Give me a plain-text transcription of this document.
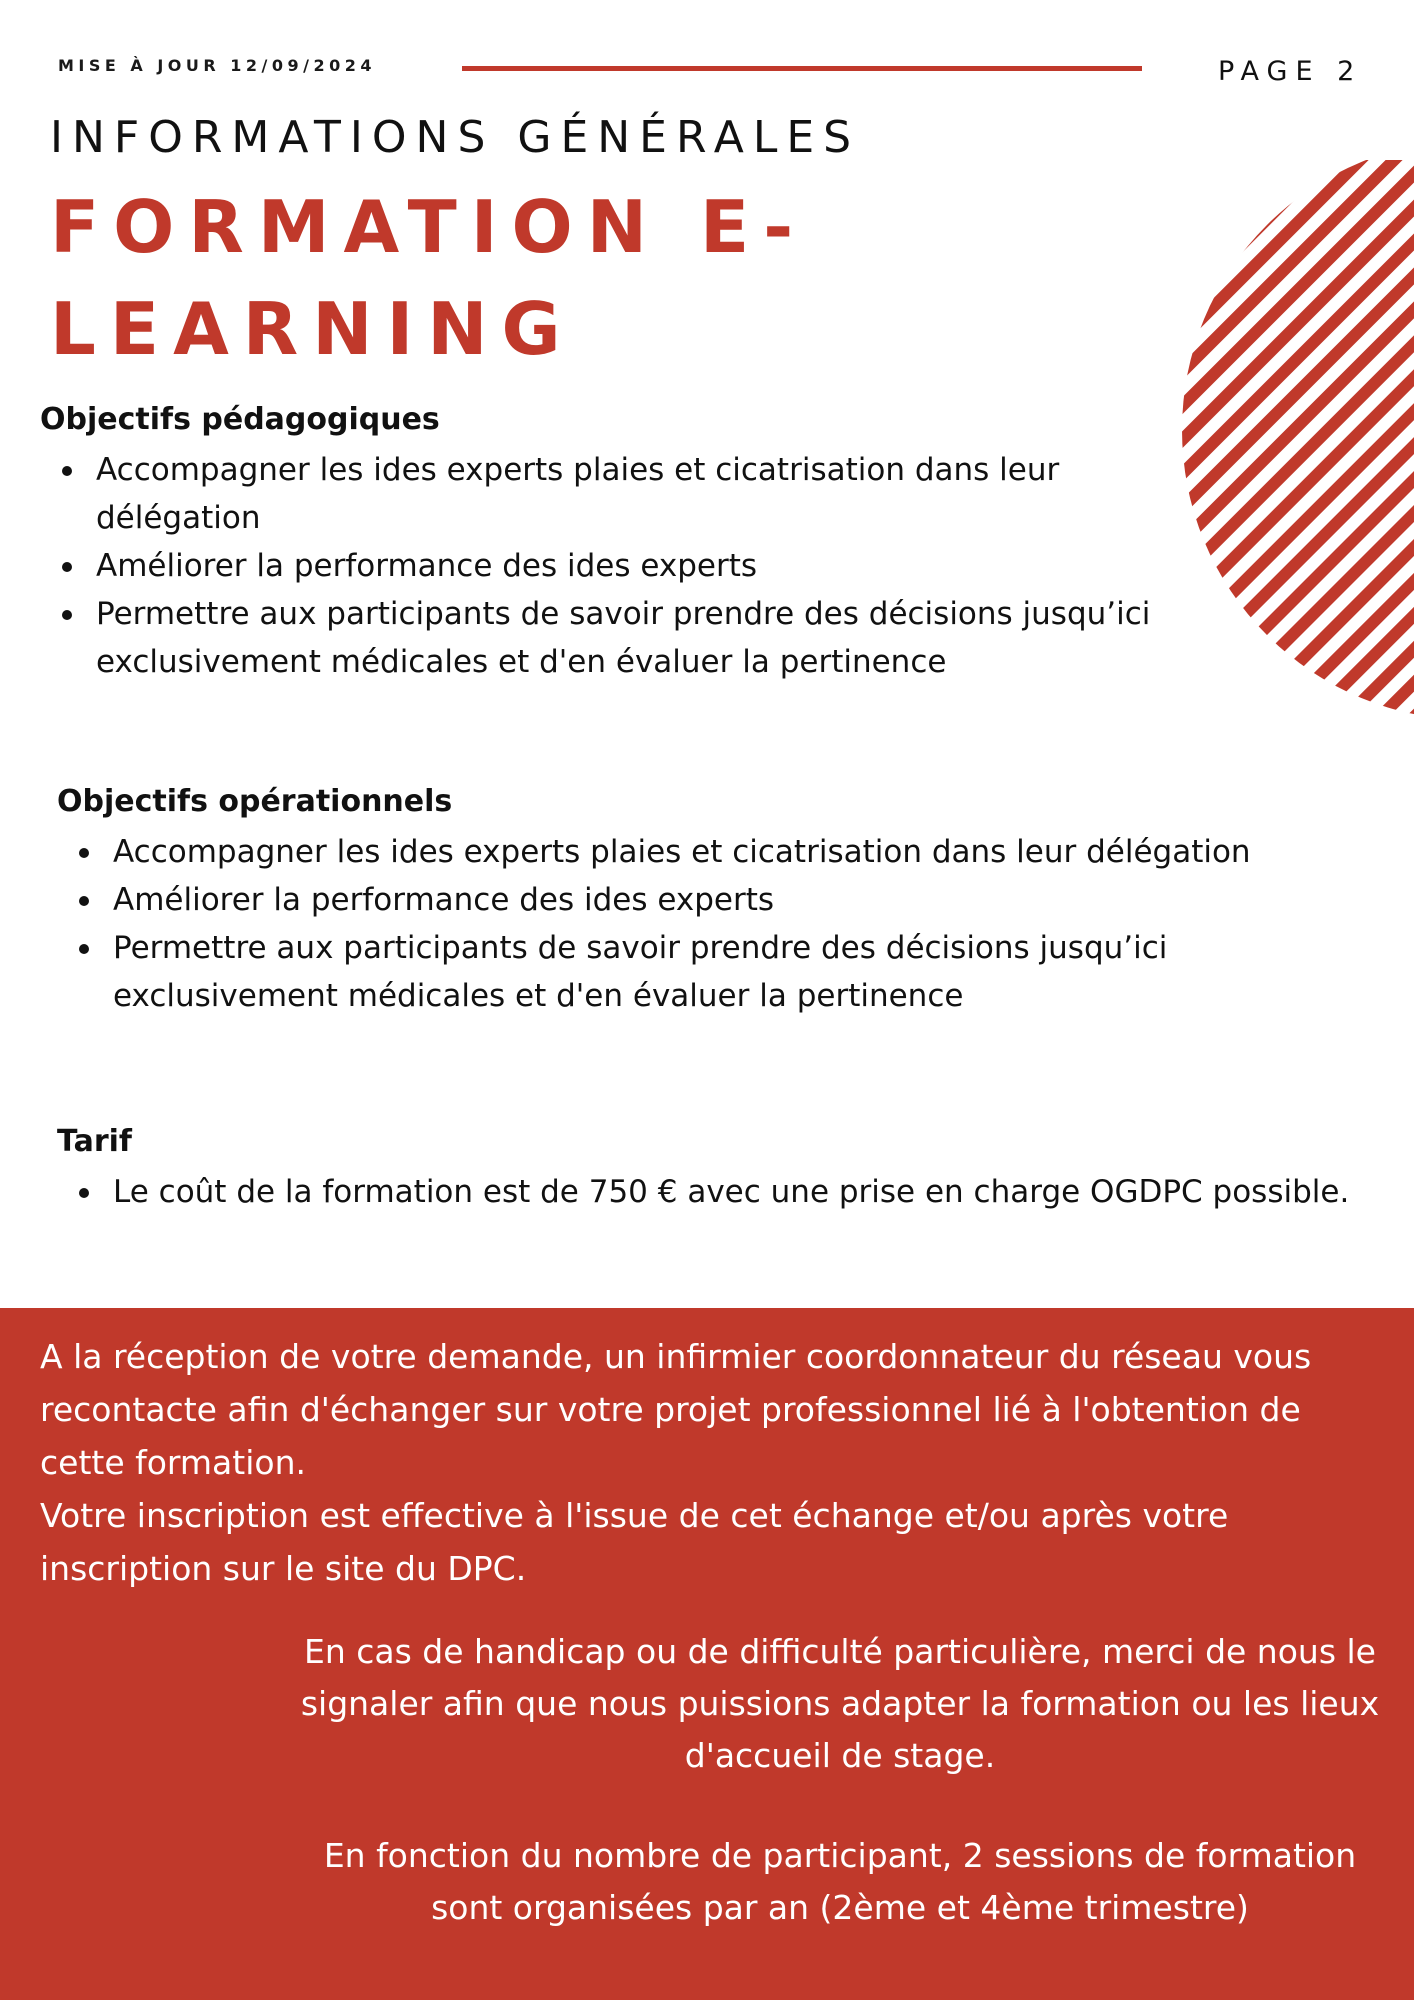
MISE À JOUR 12/09/2024	PAGE 2
INFORMATIONS GÉNÉRALES
FORMATION E-
LEARNING
Objectifs pédagogiques
Accompagner les ides experts plaies et cicatrisation dans leur délégation
Améliorer la performance des ides experts
Permettre aux participants de savoir prendre des décisions jusqu’ici exclusivement médicales et d'en évaluer la pertinence
Objectifs opérationnels
Accompagner les ides experts plaies et cicatrisation dans leur délégation
Améliorer la performance des ides experts
Permettre aux participants de savoir prendre des décisions jusqu’ici exclusivement médicales et d'en évaluer la pertinence
Tarif
Le coût de la formation est de 750 € avec une prise en charge OGDPC possible.
A la réception de votre demande, un infirmier coordonnateur du réseau vous recontacte afin d'échanger sur votre projet professionnel lié à l'obtention de cette formation.
Votre inscription est effective à l'issue de cet échange et/ou après votre inscription sur le site du DPC.
En cas de handicap ou de difficulté particulière, merci de nous le signaler afin que nous puissions adapter la formation ou les lieux d'accueil de stage.
En fonction du nombre de participant, 2 sessions de formation sont organisées par an (2ème et 4ème trimestre)
